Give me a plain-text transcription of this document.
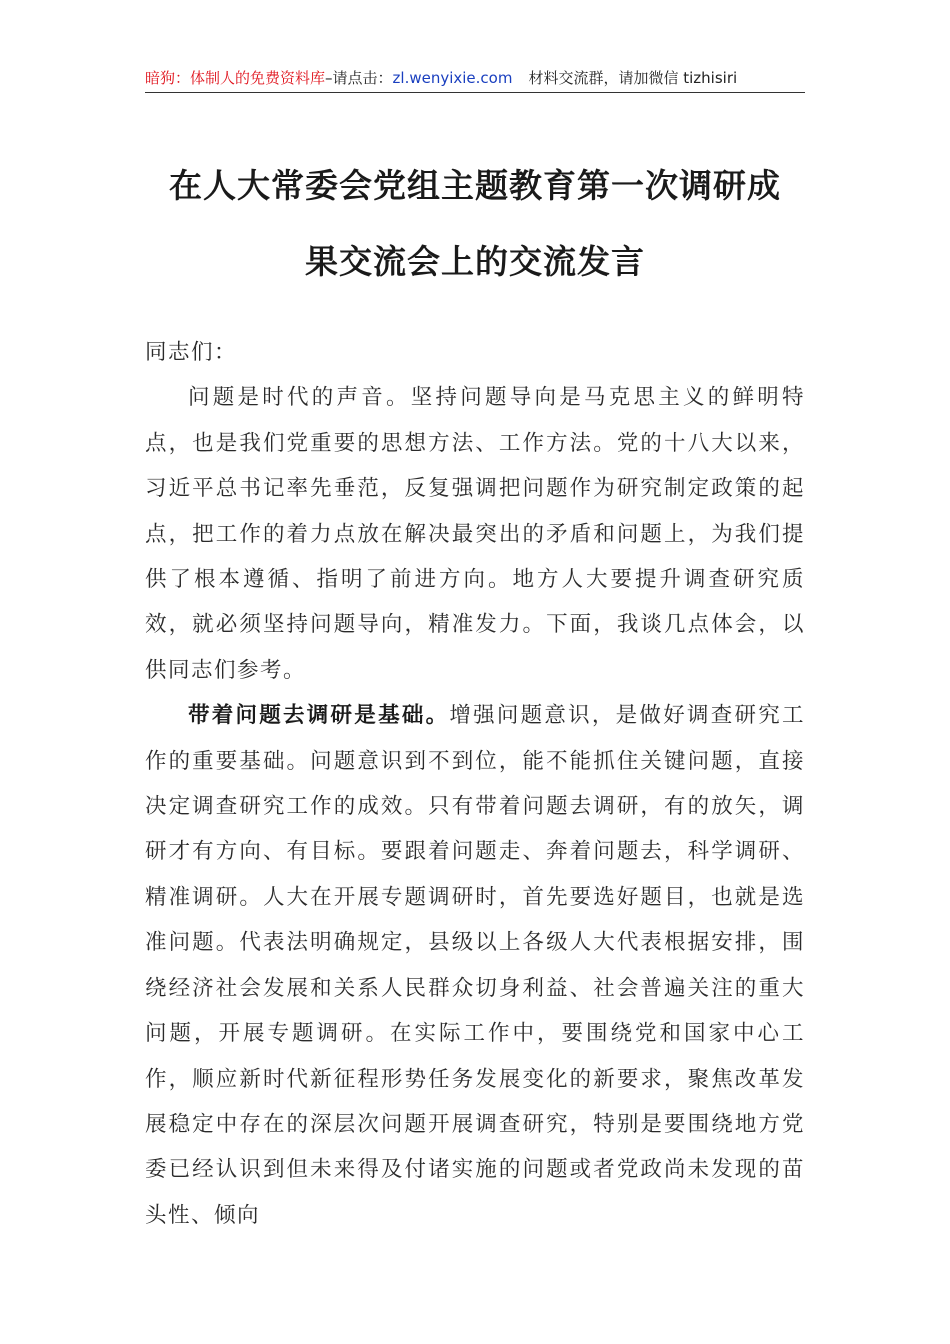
暗狗：体制人的免费资料库–请点击：zl.wenyixie.com 材料交流群，请加微信 tizhisiri
在人大常委会党组主题教育第一次调研成
果交流会上的交流发言

同志们：

问题是时代的声音。坚持问题导向是马克思主义的鲜明特点，也是我们党重要的思想方法、工作方法。党的十八大以来，习近平总书记率先垂范，反复强调把问题作为研究制定政策的起点，把工作的着力点放在解决最突出的矛盾和问题上，为我们提供了根本遵循、指明了前进方向。地方人大要提升调查研究质效，就必须坚持问题导向，精准发力。下面，我谈几点体会，以供同志们参考。

带着问题去调研是基础。增强问题意识，是做好调查研究工作的重要基础。问题意识到不到位，能不能抓住关键问题，直接决定调查研究工作的成效。只有带着问题去调研，有的放矢，调研才有方向、有目标。要跟着问题走、奔着问题去，科学调研、精准调研。人大在开展专题调研时，首先要选好题目，也就是选准问题。代表法明确规定，县级以上各级人大代表根据安排，围绕经济社会发展和关系人民群众切身利益、社会普遍关注的重大问题，开展专题调研。在实际工作中，要围绕党和国家中心工作，顺应新时代新征程形势任务发展变化的新要求，聚焦改革发展稳定中存在的深层次问题开展调查研究，特别是要围绕地方党委已经认识到但未来得及付诸实施的问题或者党政尚未发现的苗头性、倾向
